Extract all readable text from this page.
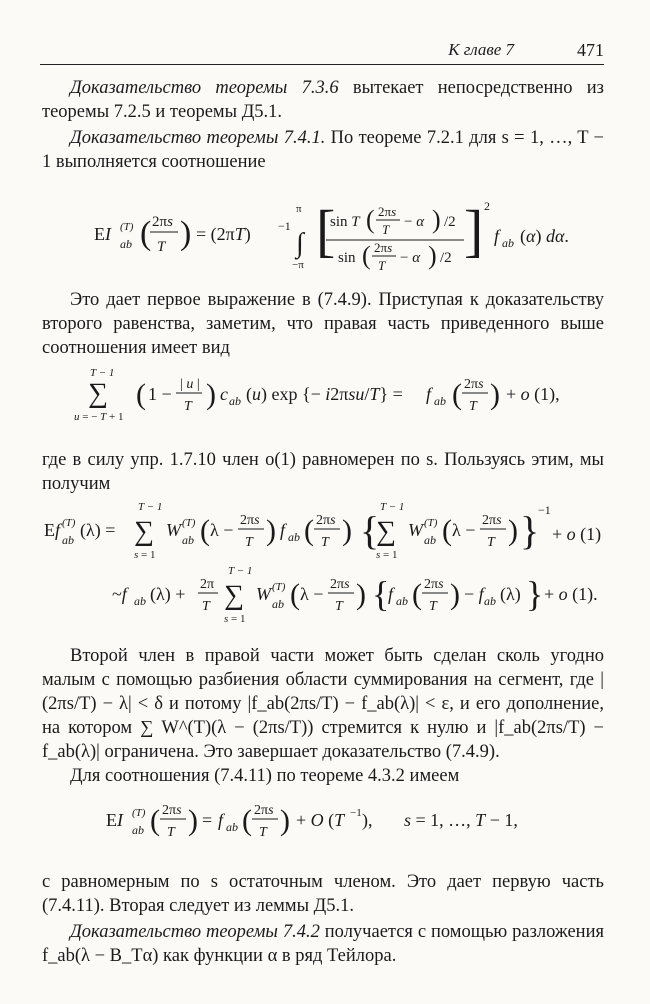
К главе 7	471
Доказательство теоремы 7.3.6 вытекает непосредственно из теоремы 7.2.5 и теоремы Д5.1.
Доказательство теоремы 7.4.1. По теореме 7.2.1 для s = 1, …, T − 1 выполняется соотношение
EI (T)
ab ( 2πs
T ) = (2πT) −1
π
∫
−π
[
sin T ( 2πs
T − α ) /2
sin ( 2πs
T − α ) /2 ] 2
f ab (α) dα.
Это дает первое выражение в (7.4.9). Приступая к доказательству второго равенства, заметим, что правая часть приведенного выше соотношения имеет вид
T − 1
∑
u = − T + 1
( 1 − | u |
T ) c ab (u) exp {− i2πsu/T} = f ab ( 2πs
T ) + o (1),
где в силу упр. 1.7.10 член o(1) равномерен по s. Пользуясь этим, мы получим
Ef (T)
ab (λ) =
T − 1
∑
s = 1
W (T)
ab ( λ − 2πs
T ) f ab ( 2πs
T ) {
T − 1
∑
s = 1
W (T)
ab ( λ − 2πs
T ) }
−1
+ o (1)
~f ab (λ) + 2π
T
T − 1
∑
s = 1
W (T)
ab ( λ − 2πs
T ) {
f ab ( 2πs
T ) − f ab (λ) } + o (1).
Второй член в правой части может быть сделан сколь угодно малым с помощью разбиения области суммирования на сегмент, где |(2πs/T) − λ| < δ и потому |f_ab(2πs/T) − f_ab(λ)| < ε, и его дополнение, на котором ∑ W^(T)(λ − (2πs/T)) стремится к нулю и |f_ab(2πs/T) − f_ab(λ)| ограничена. Это завершает доказательство (7.4.9).
Для соотношения (7.4.11) по теореме 4.3.2 имеем
EI (T)
ab ( 2πs
T ) = f ab ( 2πs
T ) + O (T −1 ), s = 1, …, T − 1,
с равномерным по s остаточным членом. Это дает первую часть (7.4.11). Вторая следует из леммы Д5.1.
Доказательство теоремы 7.4.2 получается с помощью разложения f_ab(λ − B_Tα) как функции α в ряд Тейлора.
